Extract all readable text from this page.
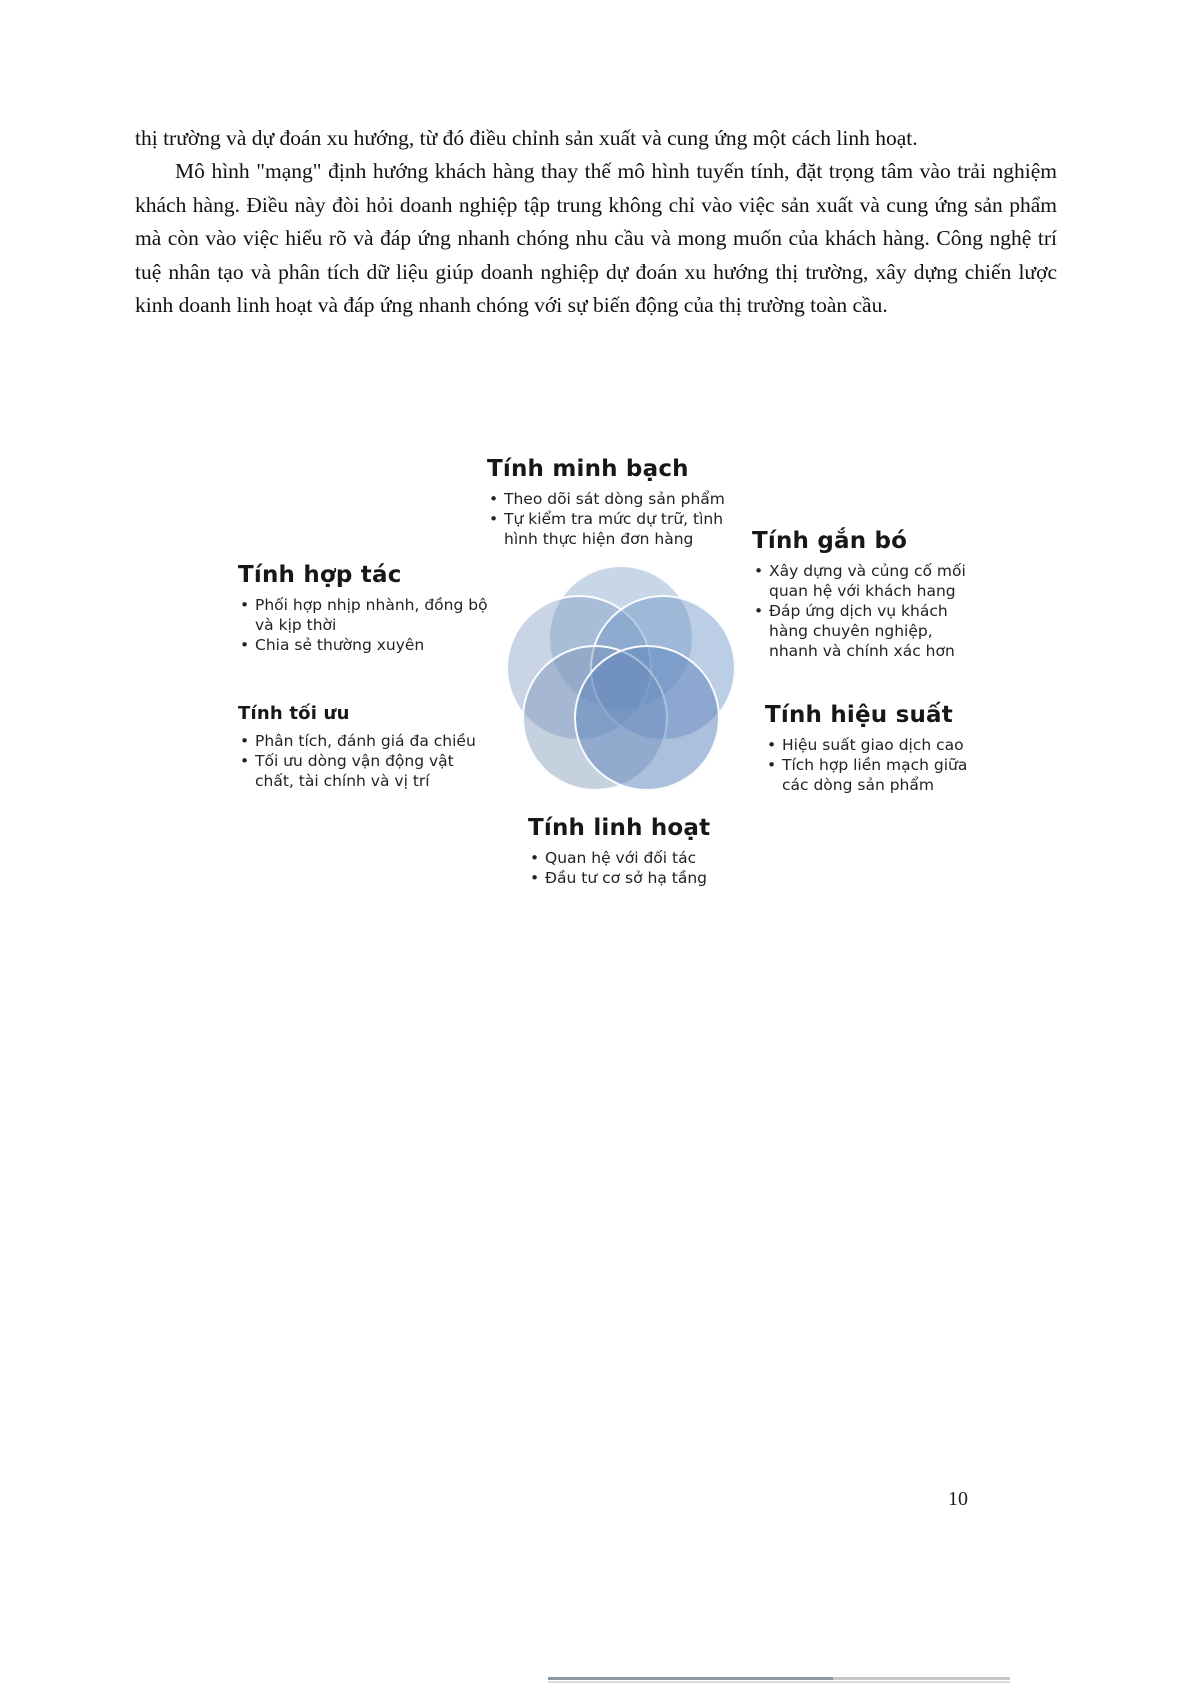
thị trường và dự đoán xu hướng, từ đó điều chỉnh sản xuất và cung ứng một cách linh hoạt.

Mô hình "mạng" định hướng khách hàng thay thế mô hình tuyến tính, đặt trọng tâm vào trải nghiệm khách hàng. Điều này đòi hỏi doanh nghiệp tập trung không chỉ vào việc sản xuất và cung ứng sản phẩm mà còn vào việc hiểu rõ và đáp ứng nhanh chóng nhu cầu và mong muốn của khách hàng. Công nghệ trí tuệ nhân tạo và phân tích dữ liệu giúp doanh nghiệp dự đoán xu hướng thị trường, xây dựng chiến lược kinh doanh linh hoạt và đáp ứng nhanh chóng với sự biến động của thị trường toàn cầu.

Tính minh bạch
• Theo dõi sát dòng sản phẩm
• Tự kiểm tra mức dự trữ, tình hình thực hiện đơn hàng	Tính gắn bó
• Xây dựng và củng cố mối quan hệ với khách hang
• Đáp ứng dịch vụ khách hàng chuyên nghiệp, nhanh và chính xác hơn
Tính hợp tác
• Phối hợp nhịp nhành, đồng bộ và kịp thời
• Chia sẻ thường xuyên
Tính tối ưu
• Phân tích, đánh giá đa chiều
• Tối ưu dòng vận động vật chất, tài chính và vị trí
Tính hiệu suất
• Hiệu suất giao dịch cao
• Tích hợp liền mạch giữa các dòng sản phẩm
Tính linh hoạt
• Quan hệ với đối tác
• Đầu tư cơ sở hạ tầng
10
